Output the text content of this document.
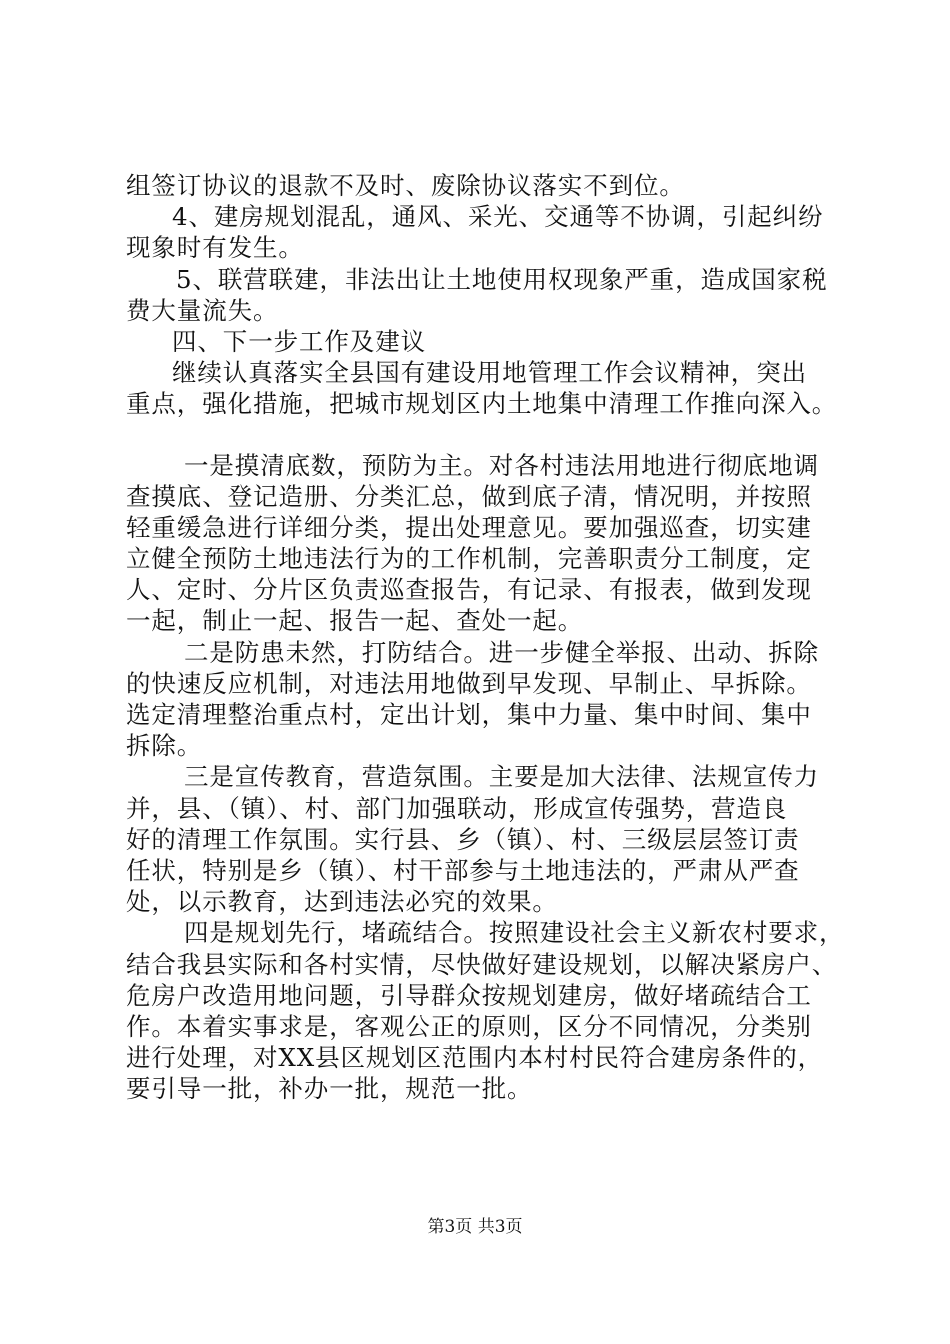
组签订协议的退款不及时、废除协议落实不到位。
4、建房规划混乱，通风、采光、交通等不协调，引起纠纷
现象时有发生。
5、联营联建，非法出让土地使用权现象严重，造成国家税
费大量流失。
四、下一步工作及建议
继续认真落实全县国有建设用地管理工作会议精神，突出
重点，强化措施，把城市规划区内土地集中清理工作推向深入。
一是摸清底数，预防为主。对各村违法用地进行彻底地调
查摸底、登记造册、分类汇总，做到底子清，情况明，并按照
轻重缓急进行详细分类，提出处理意见。要加强巡查，切实建
立健全预防土地违法行为的工作机制，完善职责分工制度，定
人、定时、分片区负责巡查报告，有记录、有报表，做到发现
一起，制止一起、报告一起、查处一起。
二是防患未然，打防结合。进一步健全举报、出动、拆除
的快速反应机制，对违法用地做到早发现、早制止、早拆除。
选定清理整治重点村，定出计划，集中力量、集中时间、集中
拆除。
三是宣传教育，营造氛围。主要是加大法律、法规宣传力
并，县、（镇）、村、部门加强联动，形成宣传强势，营造良
好的清理工作氛围。实行县、乡（镇）、村、三级层层签订责
任状，特别是乡（镇）、村干部参与土地违法的，严肃从严查
处，以示教育，达到违法必究的效果。
四是规划先行，堵疏结合。按照建设社会主义新农村要求，
结合我县实际和各村实情，尽快做好建设规划，以解决紧房户、
危房户改造用地问题，引导群众按规划建房，做好堵疏结合工
作。本着实事求是，客观公正的原则，区分不同情况，分类别
进行处理，对XX县区规划区范围内本村村民符合建房条件的，
要引导一批，补办一批，规范一批。
第3页 共3页
